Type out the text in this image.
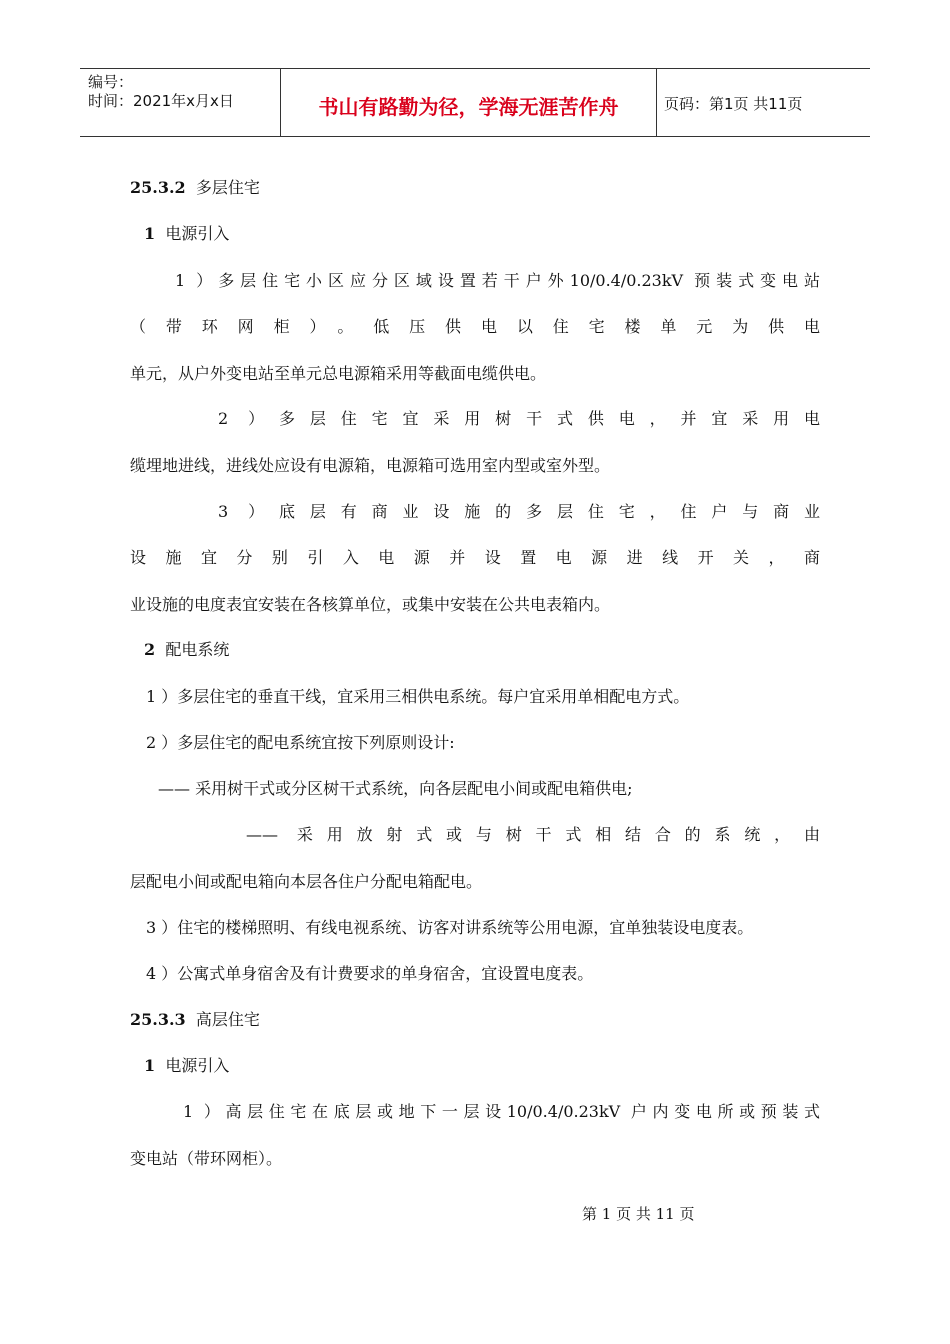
编号：
时间：2021年x月x日	书山有路勤为径，学海无涯苦作舟	页码：第1页 共11页
25.3.2 多层住宅
1 电源引入
1 ）多层住宅小区应分区域设置若干户外10/0.4/0.23kV 预装式变电站
（带环网柜）。低压供电以住宅楼单元为供电
单元，从户外变电站至单元总电源箱采用等截面电缆供电。
2 ）多层住宅宜采用树干式供电，并宜采用电
缆埋地进线，进线处应设有电源箱，电源箱可选用室内型或室外型。
3 ）底层有商业设施的多层住宅，住户与商业
设施宜分别引入电源并设置电源进线开关，商
业设施的电度表宜安装在各核算单位，或集中安装在公共电表箱内。
2 配电系统
1 ）多层住宅的垂直干线，宜采用三相供电系统。每户宜采用单相配电方式。
2 ）多层住宅的配电系统宜按下列原则设计:
—— 采用树干式或分区树干式系统，向各层配电小间或配电箱供电;
—— 采用放射式或与树干式相结合的系统，由
层配电小间或配电箱向本层各住户分配电箱配电。
3 ）住宅的楼梯照明、有线电视系统、访客对讲系统等公用电源，宜单独装设电度表。
4 ）公寓式单身宿舍及有计费要求的单身宿舍，宜设置电度表。
25.3.3 高层住宅
1 电源引入
1 ）高层住宅在底层或地下一层设10/0.4/0.23kV 户内变电所或预装式
变电站（带环网柜）。
第 1 页 共 11 页
